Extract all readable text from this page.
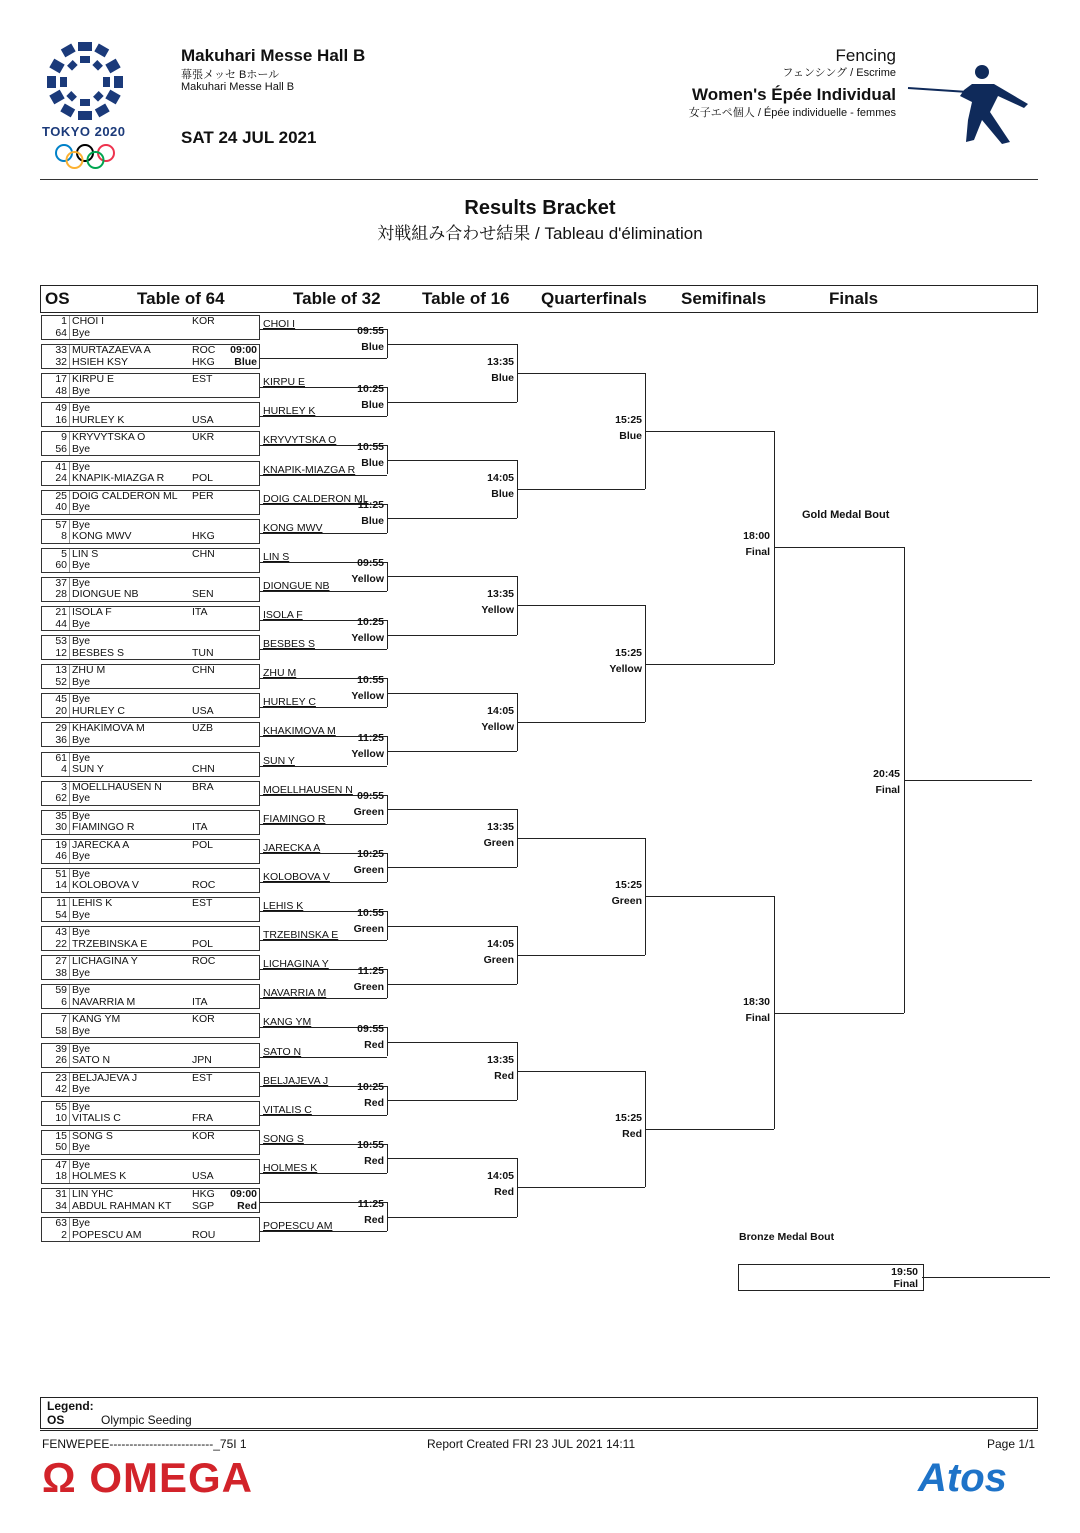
TOKYO 2020
Makuhari Messe Hall B
幕張メッセ Bホール
Makuhari Messe Hall B
SAT 24 JUL 2021
Fencing
フェンシング / Escrime
Women's Épée Individual
女子エペ個人 / Épée individuelle - femmes
Results Bracket
対戦組み合わせ結果 / Tableau d'élimination
OS	Table of 64	Table of 32 Table of 16 Quarterfinals Semifinals	Finals
1 CHOI I	KOR
64 Bye
33 MURTAZAEVA A	ROC 09:00
32 HSIEH KSY	HKG Blue
17 KIRPU E	EST
48 Bye
49 Bye
16 HURLEY K	USA
9 KRYVYTSKA O	UKR
56 Bye
41 Bye
24 KNAPIK-MIAZGA R	POL
25 DOIG CALDERON ML PER
40 Bye
57 Bye
8 KONG MWV	HKG
5 LIN S	CHN
60 Bye
37 Bye
28 DIONGUE NB	SEN
21 ISOLA F	ITA
44 Bye
53 Bye
12 BESBES S	TUN
13 ZHU M	CHN
52 Bye
45 Bye
20 HURLEY C	USA
29 KHAKIMOVA M	UZB
36 Bye
61 Bye
4 SUN Y	CHN
3 MOELLHAUSEN N	BRA
62 Bye
35 Bye
30 FIAMINGO R	ITA
19 JARECKA A	POL
46 Bye
51 Bye
14 KOLOBOVA V	ROC
11 LEHIS K	EST
54 Bye
43 Bye
22 TRZEBINSKA E	POL
27 LICHAGINA Y	ROC
38 Bye
59 Bye
6 NAVARRIA M	ITA
7 KANG YM	KOR
58 Bye
39 Bye
26 SATO N	JPN
23 BELJAJEVA J	EST
42 Bye
55 Bye
10 VITALIS C	FRA
15 SONG S	KOR
50 Bye
47 Bye
18 HOLMES K	USA
31 LIN YHC	HKG 09:00
34 ABDUL RAHMAN KT SGP Red
63 Bye
2 POPESCU AM	ROU
CHOI I
KIRPU E
HURLEY K
KRYVYTSKA O
KNAPIK-MIAZGA R
DOIG CALDERON ML
KONG MWV
LIN S
DIONGUE NB
ISOLA F
BESBES S
ZHU M
HURLEY C
KHAKIMOVA M
SUN Y
MOELLHAUSEN N
FIAMINGO R
JARECKA A
KOLOBOVA V
LEHIS K
TRZEBINSKA E
LICHAGINA Y
NAVARRIA M
KANG YM
SATO N
BELJAJEVA J
VITALIS C
SONG S
HOLMES K
POPESCU AM
09:55
Blue
10:25
Blue
10:55
Blue
11:25
Blue
09:55
Yellow
10:25
Yellow
10:55
Yellow
11:25
Yellow
09:55
Green
10:25
Green
10:55
Green
11:25
Green
09:55
Red
10:25
Red
10:55
Red
11:25
Red
13:35
Blue
14:05
Blue
13:35
Yellow
14:05
Yellow
13:35
Green
14:05
Green
13:35
Red
14:05
Red
15:25
Blue
15:25
Yellow
15:25
Green
15:25
Red
18:00
Final
18:30
Final
20:45
Final
Gold Medal Bout
Bronze Medal Bout
19:50
Final
Legend:
OS	Olympic Seeding
FENWEPEE--------------------------_75I 1	Report Created FRI 23 JUL 2021 14:11	Page 1/1
Ω OMEGA	Atos
